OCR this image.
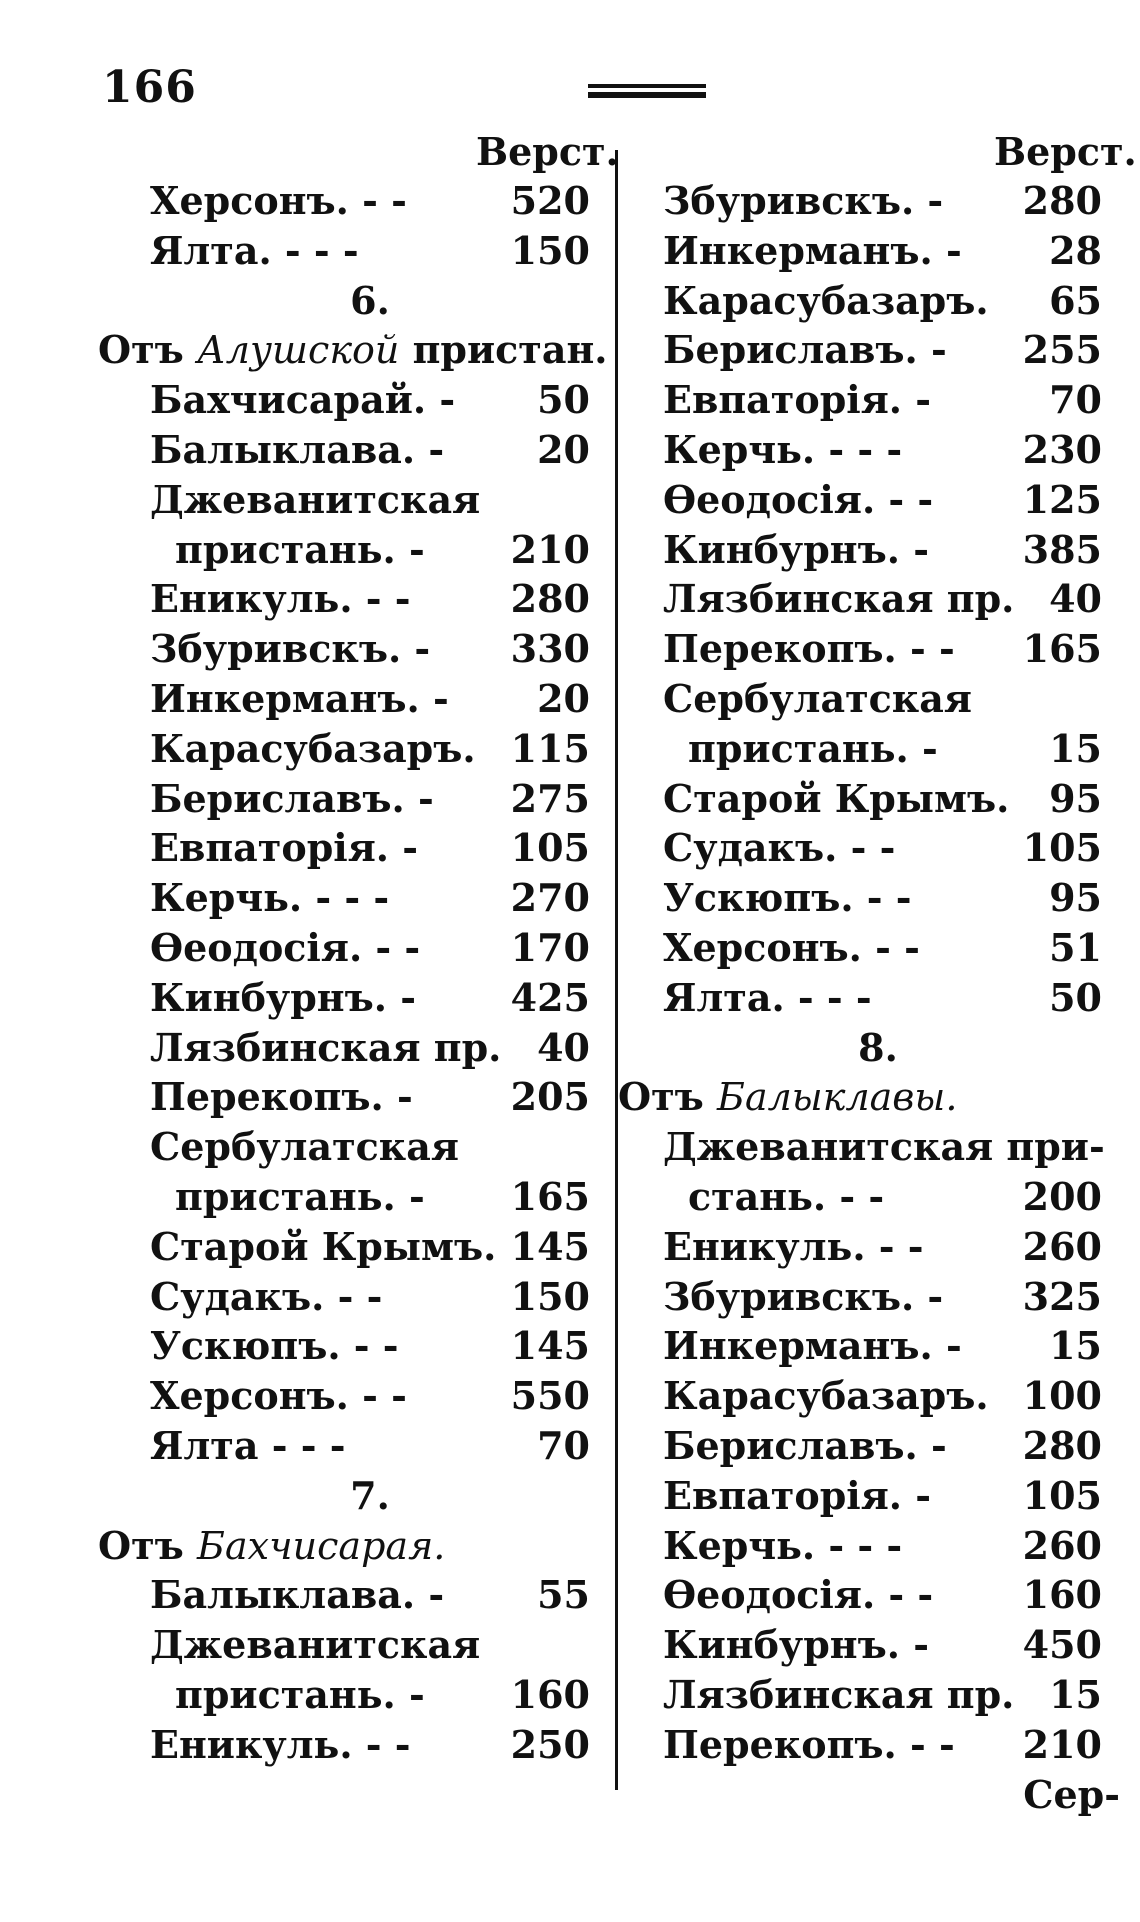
166
Верст.
Херсонъ. - -	520
Ялта. - - -	150
6.
Отъ Алушской пристан.
Бахчисарай. - 50
Балыклава. - 20
Джеванитская
пристань. - 210
Еникуль. - -	280
Збуривскъ. - 330
Инкерманъ. - 20
Карасубазаръ. 115
Бериславъ. - 275
Евпаторія. - 105
Керчь. - - -	270
Ѳеодосія. - - 170
Кинбурнъ. - 425
Лязбинская пр. 40
Перекопъ. -	205
Сербулатская
пристань. - 165
Старой Крымъ. 145
Судакъ. - -	150
Ускюпъ. - -	145
Херсонъ. - -	550
Ялта - - -	70
7.
Отъ Бахчисарая.
Балыклава. - 55
Джеванитская
пристань. - 160
Еникуль. - -	250
Верст.
Збуривскъ. - 280
Инкерманъ. - 28
Карасубазаръ. 65
Бериславъ. - 255
Евпаторія. -	70
Керчь. - - -	230
Ѳеодосія. - - 125
Кинбурнъ. - 385
Лязбинская пр. 40
Перекопъ. - - 165
Сербулатская
пристань. -	15
Старой Крымъ. 95
Судакъ. - -	105
Ускюпъ. - -	95
Херсонъ. - -	51
Ялта. - - -	50
8.
Отъ Балыклавы.
Джеванитская при-
стань. - -	200
Еникуль. - -	260
Збуривскъ. - 325
Инкерманъ. - 15
Карасубазаръ. 100
Бериславъ. - 280
Евпаторія. - 105
Керчь. - - -	260
Ѳеодосія. - - 160
Кинбурнъ. - 450
Лязбинская пр. 15
Перекопъ. - - 210
Сер-
